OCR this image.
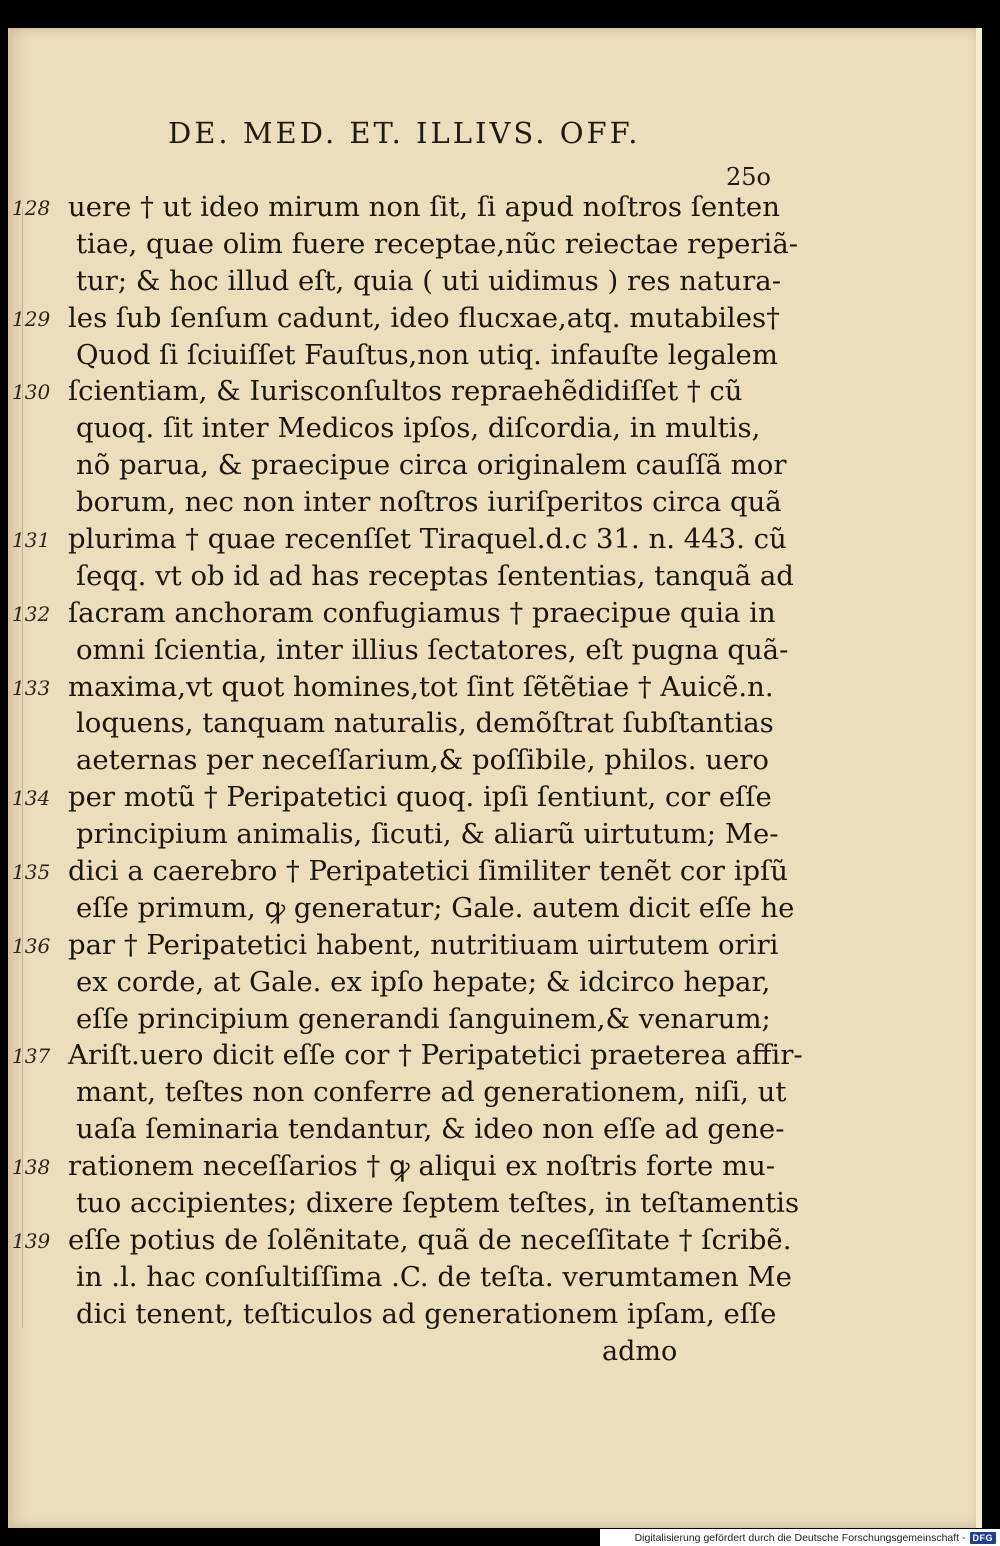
DE. MED. ET. ILLIVS. OFF.
25o
128 uere † ut ideo mirum non ſit, ſi apud noſtros ſenten
tiae, quae olim fuere receptae,nũc reiectae reperiã-
tur; & hoc illud eſt, quia ( uti uidimus ) res natura-
129 les ſub ſenſum cadunt, ideo flucxae,atq. mutabiles†
Quod ſi ſciuiſſet Fauſtus,non utiq. infauſte legalem
130 ſcientiam, & Iurisconſultos repraehẽdidiſſet † cũ
quoq. ſit inter Medicos ipſos, diſcordia, in multis,
nõ parua, & praecipue circa originalem cauſſã mor
borum, nec non inter noſtros iuriſperitos circa quã
131 plurima † quae recenſſet Tiraquel.d.c 31. n. 443. cũ
ſeqq. vt ob id ad has receptas ſententias, tanquã ad
132 ſacram anchoram confugiamus † praecipue quia in
omni ſcientia, inter illius ſectatores, eſt pugna quã-
133 maxima,vt quot homines,tot ſint ſẽtẽtiae † Auicẽ.n.
loquens, tanquam naturalis, demõſtrat ſubſtantias
aeternas per neceſſarium,& poſſibile, philos. uero
134 per motũ † Peripatetici quoq. ipſi ſentiunt, cor eſſe
principium animalis, ſicuti, & aliarũ uirtutum; Me-
135 dici a caerebro † Peripatetici ſimiliter tenẽt cor ipſũ
eſſe primum, ꝙ generatur; Gale. autem dicit eſſe he
136 par † Peripatetici habent, nutritiuam uirtutem oriri
ex corde, at Gale. ex ipſo hepate; & idcirco hepar,
eſſe principium generandi ſanguinem,& venarum;
137 Ariſt.uero dicit eſſe cor † Peripatetici praeterea affir-
mant, teſtes non conferre ad generationem, niſi, ut
uaſa ſeminaria tendantur, & ideo non eſſe ad gene-
138 rationem neceſſarios † ꝙ aliqui ex noſtris forte mu-
tuo accipientes; dixere ſeptem teſtes, in teſtamentis
139 eſſe potius de ſolẽnitate, quã de neceſſitate † ſcribẽ.
in .l. hac conſultiſſima .C. de teſta. verumtamen Me
dici tenent, teſticulos ad generationem ipſam, eſſe
admo
Digitalisierung gefördert durch die Deutsche Forschungsgemeinschaft - DFG
